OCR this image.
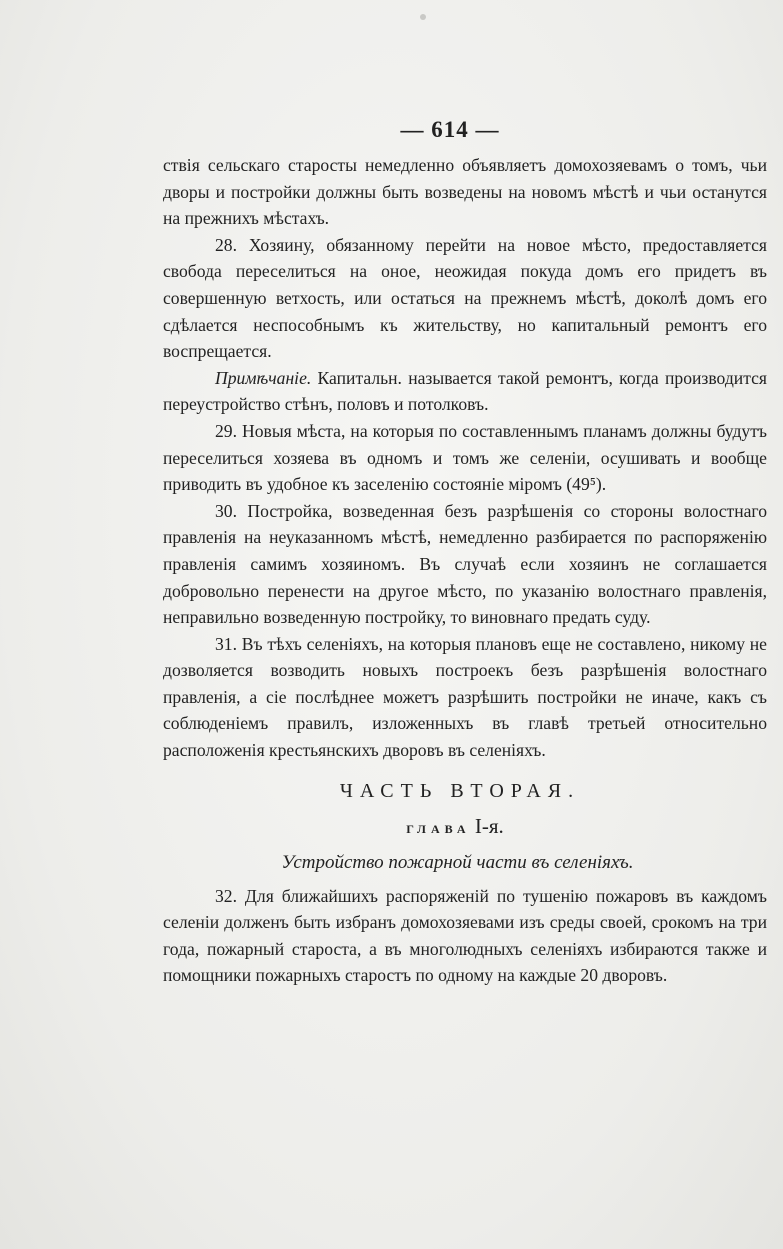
— 614 —

ствія сельскаго старосты немедленно объявляетъ домохозяевамъ о томъ, чьи дворы и постройки должны быть возведены на новомъ мѣстѣ и чьи останутся на прежнихъ мѣстахъ.

28. Хозяину, обязанному перейти на новое мѣсто, предоставляется свобода переселиться на оное, неожидая покуда домъ его придетъ въ совершенную ветхость, или остаться на прежнемъ мѣстѣ, доколѣ домъ его сдѣлается неспособнымъ къ жительству, но капитальный ремонтъ его воспрещается.

Примѣчаніе. Капитальн. называется такой ремонтъ, когда производится переустройство стѣнъ, половъ и потолковъ.

29. Новыя мѣста, на которыя по составленнымъ планамъ должны будутъ переселиться хозяева въ одномъ и томъ же селеніи, осушивать и вообще приводить въ удобное къ заселенію состояніе міромъ (49⁵).

30. Постройка, возведенная безъ разрѣшенія со стороны волостнаго правленія на неуказанномъ мѣстѣ, немедленно разбирается по распоряженію правленія самимъ хозяиномъ. Въ случаѣ если хозяинъ не соглашается добровольно перенести на другое мѣсто, по указанію волостнаго правленія, неправильно возведенную постройку, то виновнаго предать суду.

31. Въ тѣхъ селеніяхъ, на которыя плановъ еще не составлено, никому не дозволяется возводить новыхъ построекъ безъ разрѣшенія волостнаго правленія, а сіе послѣднее можетъ разрѣшить постройки не иначе, какъ съ соблюденіемъ правилъ, изложенныхъ въ главѣ третьей относительно расположенія крестьянскихъ дворовъ въ селеніяхъ.

ЧАСТЬ ВТОРАЯ.
ГЛАВА I-я.
Устройство пожарной части въ селеніяхъ.

32. Для ближайшихъ распоряженій по тушенію пожаровъ въ каждомъ селеніи долженъ быть избранъ домохозяевами изъ среды своей, срокомъ на три года, пожарный староста, а въ многолюдныхъ селеніяхъ избираются также и помощники пожарныхъ старостъ по одному на каждые 20 дворовъ.
